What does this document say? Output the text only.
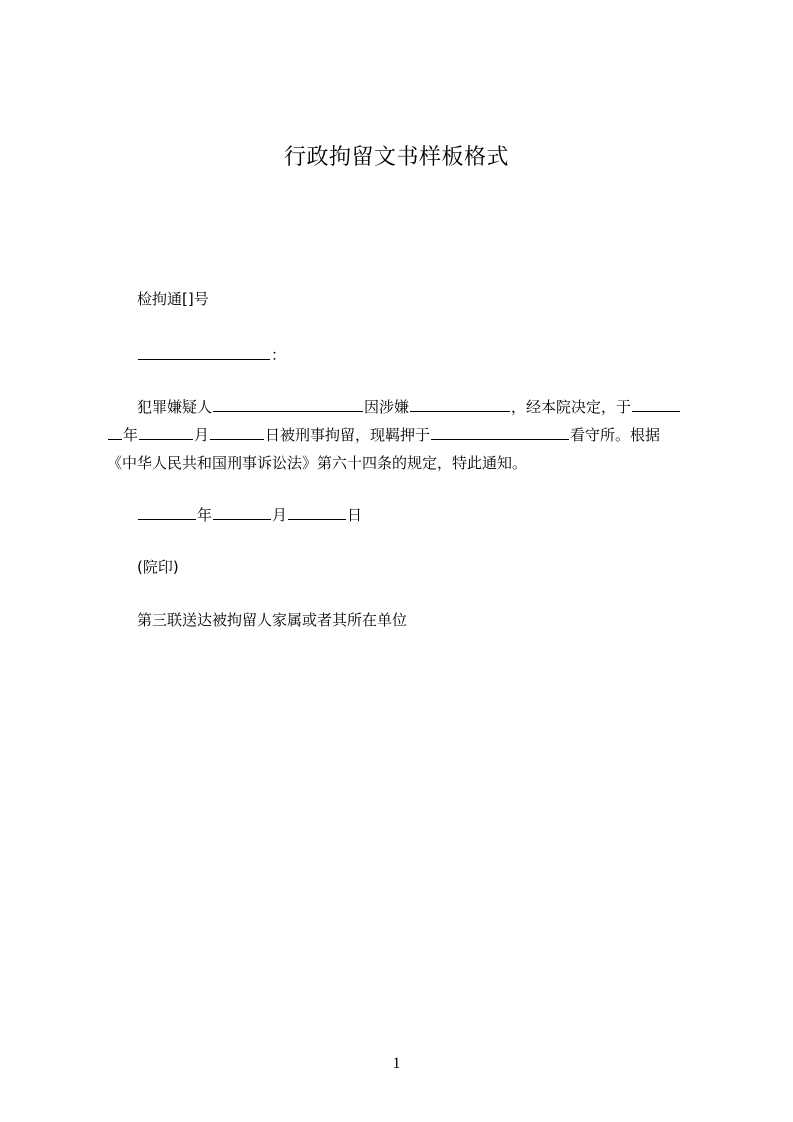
行政拘留文书样板格式
检拘通[]号
：
犯罪嫌疑人	因涉嫌	，经本院决定，于
年	月	日被刑事拘留，现羁押于	看守所。根据
《中华人民共和国刑事诉讼法》第六十四条的规定，特此通知。
年	月	日
(院印)
第三联送达被拘留人家属或者其所在单位
1
